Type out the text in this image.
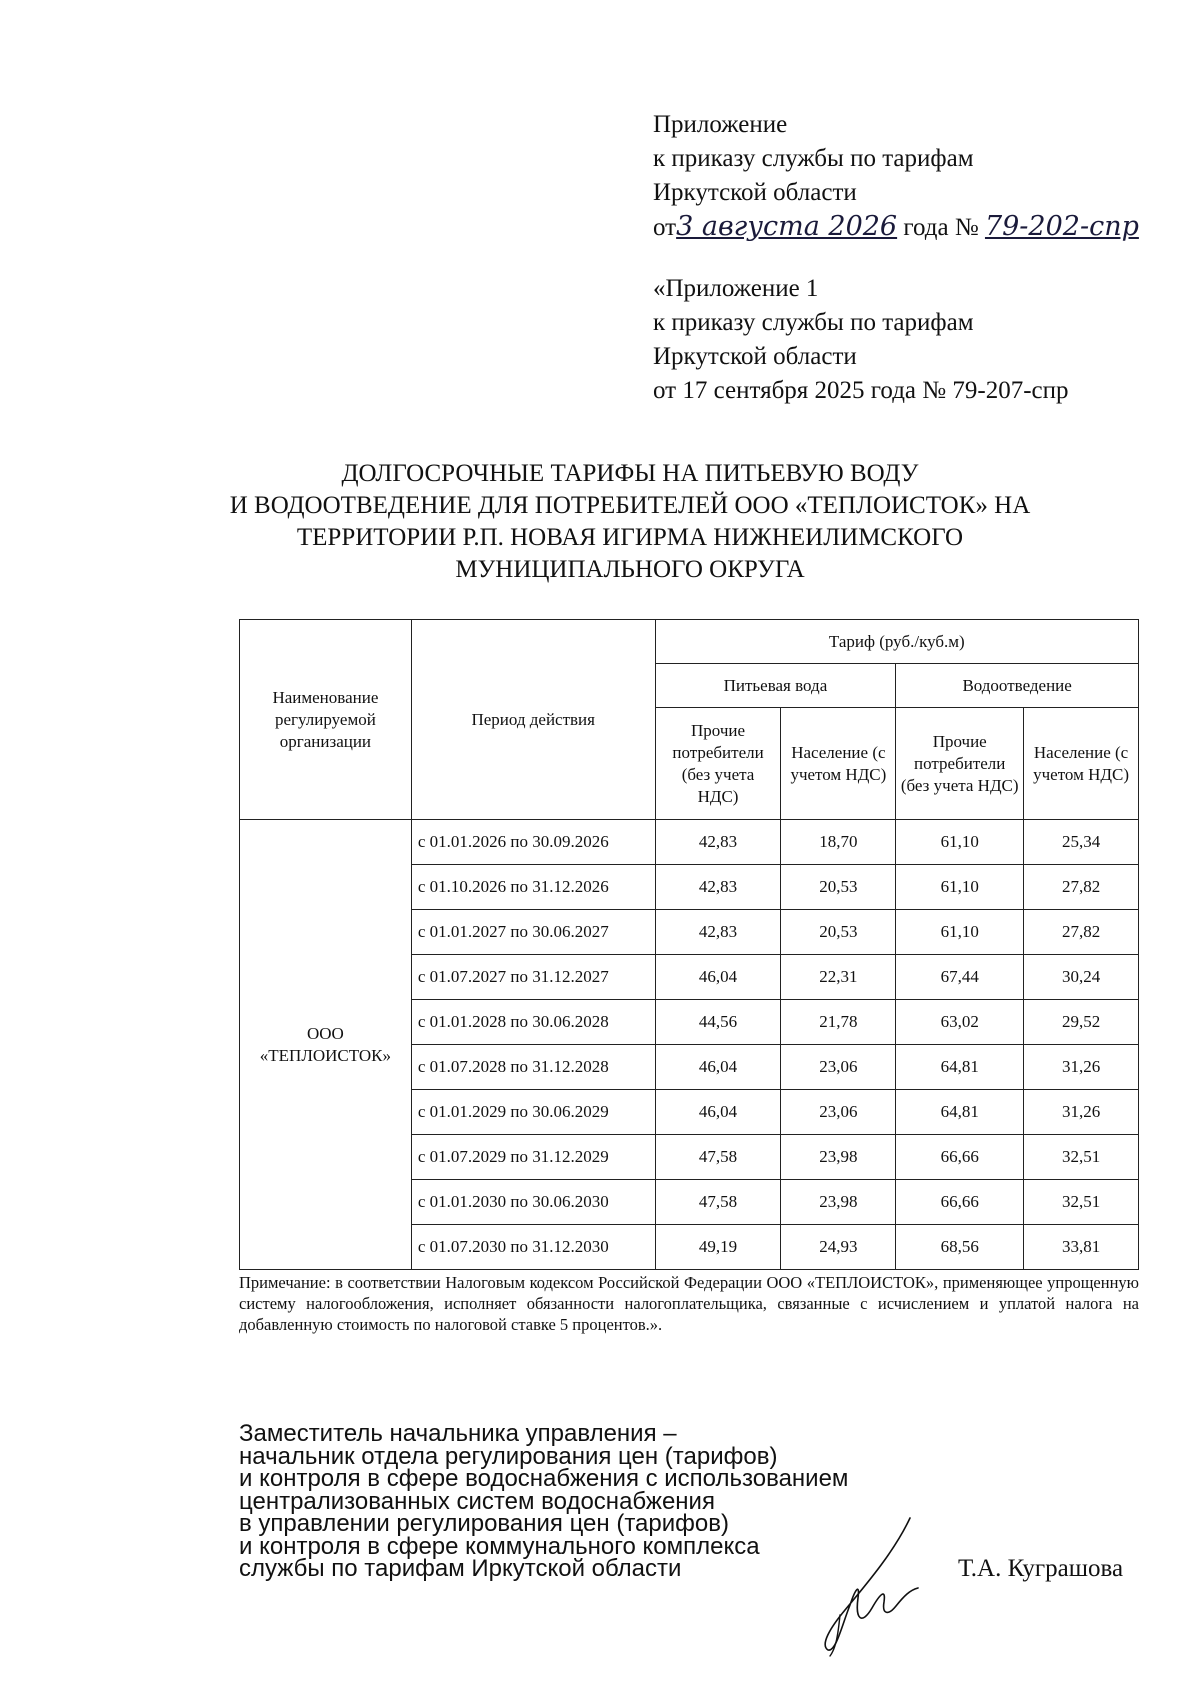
Приложение
к приказу службы по тарифам
Иркутской области
от3 августа 2026 года № 79-202-спр
«Приложение 1
к приказу службы по тарифам
Иркутской области
от 17 сентября 2025 года № 79-207-спр
ДОЛГОСРОЧНЫЕ ТАРИФЫ НА ПИТЬЕВУЮ ВОДУ
И ВОДООТВЕДЕНИЕ ДЛЯ ПОТРЕБИТЕЛЕЙ ООО «ТЕПЛОИСТОК» НА
ТЕРРИТОРИИ Р.П. НОВАЯ ИГИРМА НИЖНЕИЛИМСКОГО
МУНИЦИПАЛЬНОГО ОКРУГА
Наименование регулируемой организации	Период действия	Тариф (руб./куб.м)			
		Питьевая вода		Водоотведение	
		Прочие потребители (без учета НДС)	Население (с учетом НДС)	Прочие потребители (без учета НДС)	Население (с учетом НДС)
ООО «ТЕПЛОИСТОК»	с 01.01.2026 по 30.09.2026	42,83	18,70	61,10	25,34
	с 01.10.2026 по 31.12.2026	42,83	20,53	61,10	27,82
	с 01.01.2027 по 30.06.2027	42,83	20,53	61,10	27,82
	с 01.07.2027 по 31.12.2027	46,04	22,31	67,44	30,24
	с 01.01.2028 по 30.06.2028	44,56	21,78	63,02	29,52
	с 01.07.2028 по 31.12.2028	46,04	23,06	64,81	31,26
	с 01.01.2029 по 30.06.2029	46,04	23,06	64,81	31,26
	с 01.07.2029 по 31.12.2029	47,58	23,98	66,66	32,51
	с 01.01.2030 по 30.06.2030	47,58	23,98	66,66	32,51
	с 01.07.2030 по 31.12.2030	49,19	24,93	68,56	33,81
Примечание: в соответствии Налоговым кодексом Российской Федерации ООО «ТЕПЛОИСТОК», применяющее упрощенную систему налогообложения, исполняет обязанности налогоплательщика, связанные с исчислением и уплатой налога на добавленную стоимость по налоговой ставке 5 процентов.».
Заместитель начальника управления –
начальник отдела регулирования цен (тарифов)
и контроля в сфере водоснабжения с использованием
централизованных систем водоснабжения
в управлении регулирования цен (тарифов)
и контроля в сфере коммунального комплекса
службы по тарифам Иркутской области	Т.А. Куграшова
